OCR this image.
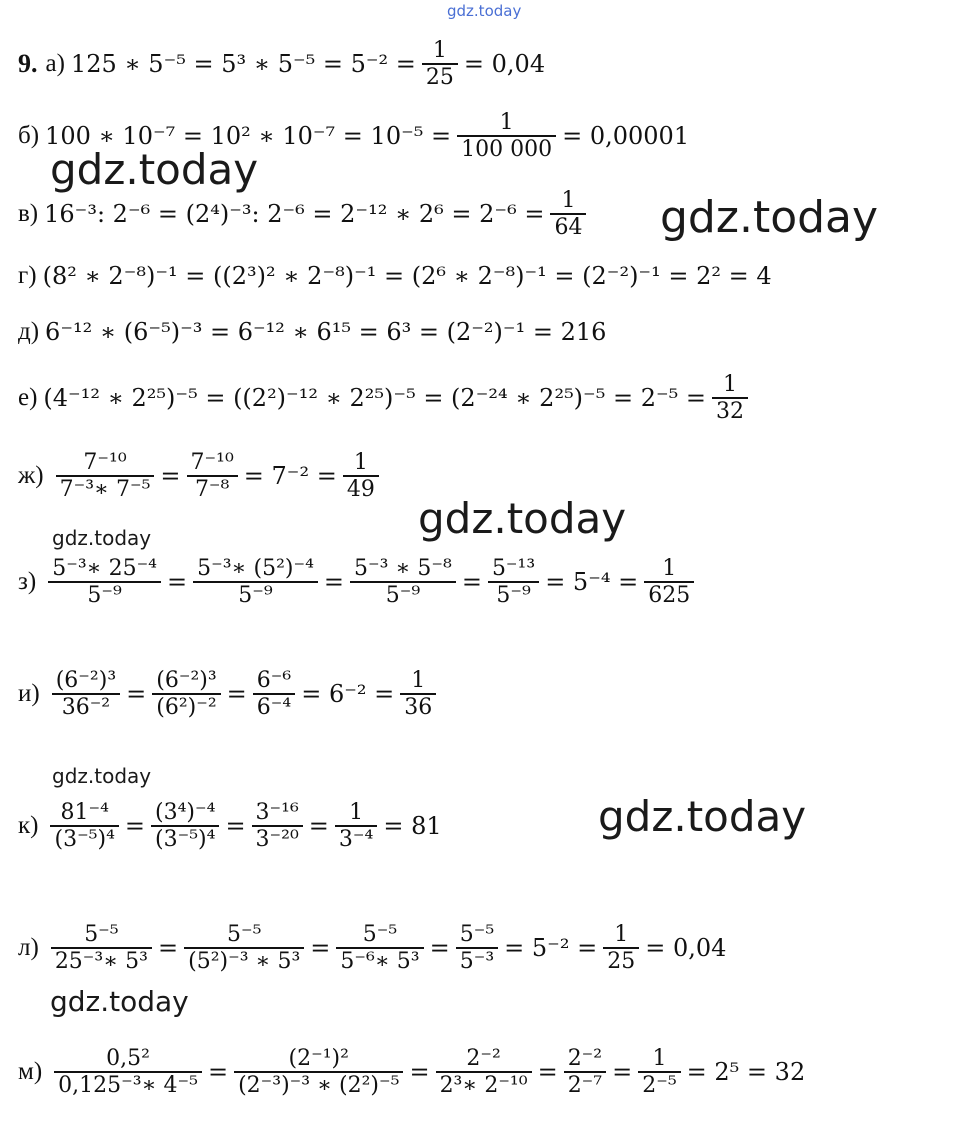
gdz.today
gdz.today
gdz.today
gdz.today
gdz.today
gdz.today
gdz.today
gdz.today
9. а) 125 ∗ 5⁻⁵ = 5³ ∗ $5^{-5} = 5^{-2} = \frac{1}{25} = 0,04$
б) 100 ∗ 10⁻⁷ = 10² ∗ $10^{-7} = 10^{-5} = \frac{1}{100 000} = 0,00001$
в) 16⁻³: 2⁻⁶ = (2⁴)⁻³: 2⁻⁶ = 2⁻¹² ∗ $2^6 = 2^{-6} = \frac{1}{64}$
г) (8² ∗ 2⁻⁸)⁻¹ = ((2³)² ∗ 2⁻⁸)⁻¹ = (2⁶ ∗ 2⁻⁸)⁻¹ = (2⁻²)⁻¹ = 2² = 4
д) 6⁻¹² ∗ (6⁻⁵)⁻³ = 6⁻¹² ∗ 6¹⁵ = 6³ = (2⁻²)⁻¹ = 216
е) (4⁻¹² ∗ 2²⁵)⁻⁵ = ((2²)⁻¹² ∗ 2²⁵)⁻⁵ = (2⁻²⁴ ∗ $2^{25})^{-5} = 2^{-5} = \frac{1}{32}$
$ж) \frac{\text{7⁻¹⁰}}{\text{7⁻³∗ 7⁻⁵}} = \frac{\text{7⁻¹⁰}}{\text{7⁻⁸}} = 7^{-2} = \frac{1}{49}$
$з) \frac{\text{5⁻³∗ 25⁻⁴}}{\text{5⁻⁹}} = \frac{\text{5⁻³∗ (5²)⁻⁴}}{\text{5⁻⁹}} = \frac{\text{5⁻³ ∗ 5⁻⁸}}{\text{5⁻⁹}} = \frac{\text{5⁻¹³}}{\text{5⁻⁹}} = 5^{-4} = \frac{1}{625}$
$и) \frac{\text{(6⁻²)³}}{\text{36⁻²}} = \frac{\text{(6⁻²)³}}{\text{(6²)⁻²}} = \frac{\text{6⁻⁶}}{\text{6⁻⁴}} = 6^{-2} = \frac{1}{36}$
$к) \frac{\text{81⁻⁴}}{\text{(3⁻⁵)⁴}} = \frac{\text{(3⁴)⁻⁴}}{\text{(3⁻⁵)⁴}} = \frac{\text{3⁻¹⁶}}{\text{3⁻²⁰}} = \frac{1}{\text{3⁻⁴}} = 81$
$л) \frac{\text{5⁻⁵}}{\text{25⁻³∗ 5³}} = \frac{\text{5⁻⁵}}{\text{(5²)⁻³ ∗ 5³}} = \frac{\text{5⁻⁵}}{\text{5⁻⁶∗ 5³}} = \frac{\text{5⁻⁵}}{\text{5⁻³}} = 5^{-2} = \frac{1}{25} = 0,04$
$м) \frac{\text{0,5²}}{\text{0,125⁻³∗ 4⁻⁵}} = \frac{\text{(2⁻¹)²}}{\text{(2⁻³)⁻³ ∗ (2²)⁻⁵}} = \frac{\text{2⁻²}}{\text{2³∗ 2⁻¹⁰}} = \frac{\text{2⁻²}}{\text{2⁻⁷}} = \frac{1}{\text{2⁻⁵}} = 2^5 = 32$
